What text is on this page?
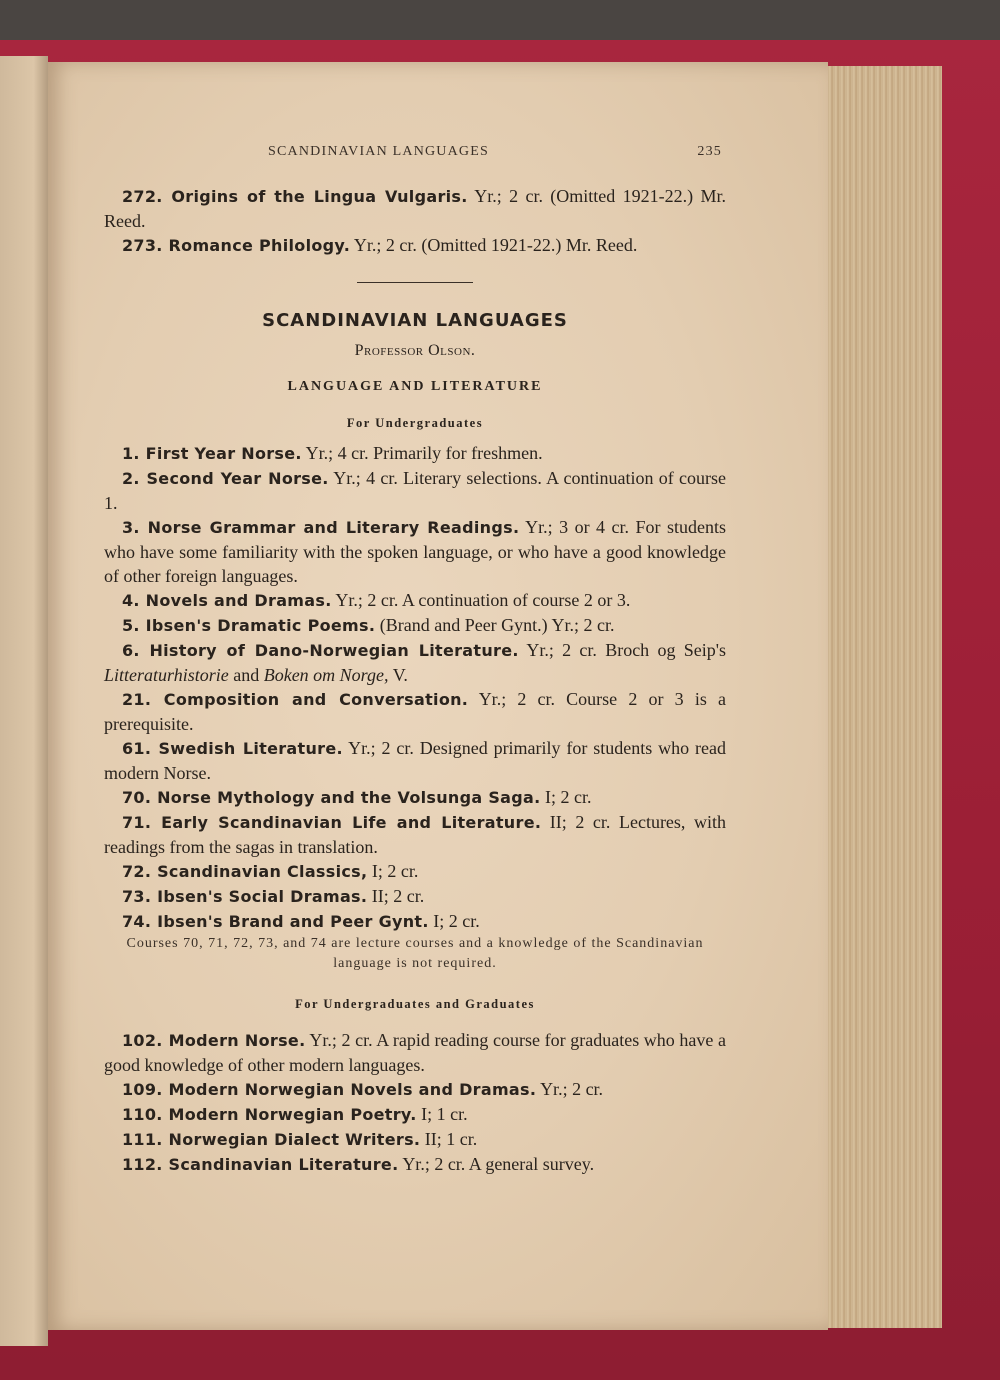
SCANDINAVIAN LANGUAGES	235

272. Origins of the Lingua Vulgaris. Yr.; 2 cr. (Omitted 1921-22.) Mr. Reed.

273. Romance Philology. Yr.; 2 cr. (Omitted 1921-22.) Mr. Reed.

SCANDINAVIAN LANGUAGES

Professor Olson.

LANGUAGE AND LITERATURE

For Undergraduates

1. First Year Norse. Yr.; 4 cr. Primarily for freshmen.

2. Second Year Norse. Yr.; 4 cr. Literary selections. A continuation of course 1.

3. Norse Grammar and Literary Readings. Yr.; 3 or 4 cr. For students who have some familiarity with the spoken language, or who have a good knowledge of other foreign languages.

4. Novels and Dramas. Yr.; 2 cr. A continuation of course 2 or 3.

5. Ibsen's Dramatic Poems. (Brand and Peer Gynt.) Yr.; 2 cr.

6. History of Dano-Norwegian Literature. Yr.; 2 cr. Broch og Seip's Litteraturhistorie and Boken om Norge, V.

21. Composition and Conversation. Yr.; 2 cr. Course 2 or 3 is a prerequisite.

61. Swedish Literature. Yr.; 2 cr. Designed primarily for students who read modern Norse.

70. Norse Mythology and the Volsunga Saga. I; 2 cr.

71. Early Scandinavian Life and Literature. II; 2 cr. Lectures, with readings from the sagas in translation.

72. Scandinavian Classics, I; 2 cr.

73. Ibsen's Social Dramas. II; 2 cr.

74. Ibsen's Brand and Peer Gynt. I; 2 cr.

Courses 70, 71, 72, 73, and 74 are lecture courses and a knowledge of the Scandinavian language is not required.

For Undergraduates and Graduates

102. Modern Norse. Yr.; 2 cr. A rapid reading course for graduates who have a good knowledge of other modern languages.

109. Modern Norwegian Novels and Dramas. Yr.; 2 cr.

110. Modern Norwegian Poetry. I; 1 cr.

111. Norwegian Dialect Writers. II; 1 cr.

112. Scandinavian Literature. Yr.; 2 cr. A general survey.
